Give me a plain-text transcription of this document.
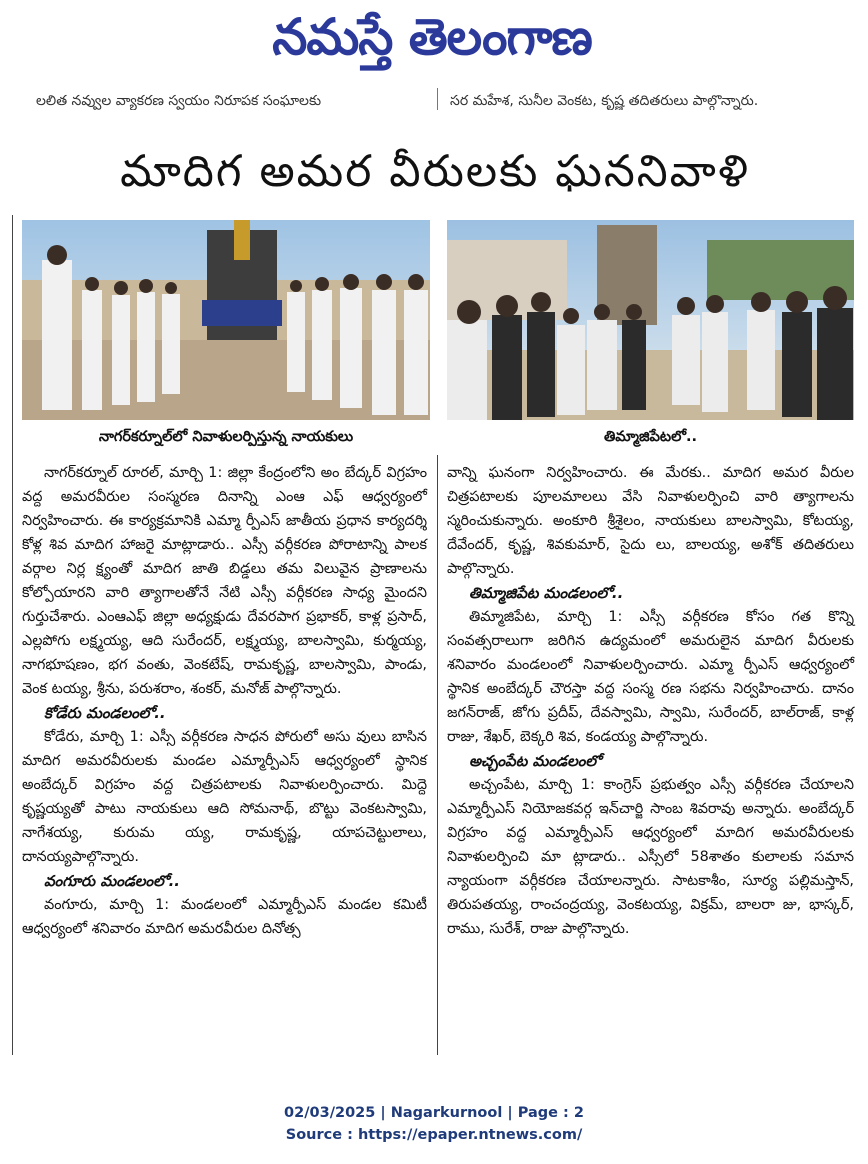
నమస్తే తెలంగాణ
లలిత నవ్వుల వ్యాకరణ స్వయం నిరూపక సంఘాలకు	సర మహేశ, సునీల వెంకట, కృష్ణ తదితరులు పాల్గొన్నారు.
మాదిగ అమర వీరులకు ఘననివాళి
నాగర్‌కర్నూల్‌లో నివాళులర్పిస్తున్న నాయకులు	తిమ్మాజిపేటలో..

నాగర్‌కర్నూల్ రూరల్, మార్చి 1: జిల్లా కేంద్రంలోని అం బేద్కర్ విగ్రహం వద్ద అమరవీరుల సంస్మరణ దినాన్ని ఎంఆ ఎఫ్ ఆధ్వర్యంలో నిర్వహించారు. ఈ కార్యక్రమానికి ఎమ్మా ర్పీఎస్ జాతీయ ప్రధాన కార్యదర్శి కోళ్ల శివ మాదిగ హాజరై మాట్లాడారు.. ఎస్సీ వర్గీకరణ పోరాటాన్ని పాలక వర్గాల నిర్ల క్ష్యంతో మాదిగ జాతి బిడ్డలు తమ విలువైన ప్రాణాలను కోల్పోయారని వారి త్యాగాలతోనే నేటి ఎస్సీ వర్గీకరణ సాధ్య మైందని గుర్తుచేశారు. ఎంఆఎఫ్ జిల్లా అధ్యక్షుడు దేవరపాగ ప్రభాకర్, కాళ్ల ప్రసాద్, ఎల్లపోగు లక్ష్మయ్య, ఆది సురేందర్, లక్ష్మయ్య, బాలస్వామి, కుర్మయ్య, నాగభూషణం, భగ వంతు, వెంకటేష్, రామకృష్ణ, బాలస్వామి, పాండు, వెంక టయ్య, శ్రీను, పరుశరాం, శంకర్, మనోజ్ పాల్గొన్నారు.

కోడేరు మండలంలో..

కోడేరు, మార్చి 1: ఎస్సీ వర్గీకరణ సాధన పోరులో అసు వులు బాసిన మాదిగ అమరవీరులకు మండల ఎమ్మార్పీఎస్ ఆధ్వర్యంలో స్థానిక అంబేద్కర్ విగ్రహం వద్ద చిత్రపటాలకు నివాళులర్పించారు. మిద్దె కృష్ణయ్యతో పాటు నాయకులు ఆది సోమనాథ్, బొట్టు వెంకటస్వామి, నాగేశయ్య, కురుమ య్య, రామకృష్ణ, యాపచెట్టులాలు, దానయ్యపాల్గొన్నారు.

వంగూరు మండలంలో..

వంగూరు, మార్చి 1: మండలంలో ఎమ్మార్పీఎస్ మండల కమిటీ ఆధ్వర్యంలో శనివారం మాదిగ అమరవీరుల దినోత్స

వాన్ని ఘనంగా నిర్వహించారు. ఈ మేరకు.. మాదిగ అమర వీరుల చిత్రపటాలకు పూలమాలలు వేసి నివాళులర్పించి వారి త్యాగాలను స్మరించుకున్నారు. అంకూరి శ్రీశైలం, నాయకులు బాలస్వామి, కోటయ్య, దేవేందర్, కృష్ణ, శివకుమార్, సైదు లు, బాలయ్య, అశోక్ తదితరులు పాల్గొన్నారు.

తిమ్మాజిపేట మండలంలో..

తిమ్మాజిపేట, మార్చి 1: ఎస్సీ వర్గీకరణ కోసం గత కొన్ని సంవత్సరాలుగా జరిగిన ఉద్యమంలో అమరులైన మాదిగ వీరులకు శనివారం మండలంలో నివాళులర్పించారు. ఎమ్మా ర్పీఎస్ ఆధ్వర్యంలో స్థానిక అంబేద్కర్ చౌరస్తా వద్ద సంస్మ రణ సభను నిర్వహించారు. దానం జగన్‌రాజ్, జోగు ప్రదీప్, దేవస్వామి, స్వామి, సురేందర్, బాల్‌రాజ్, కాళ్ల రాజు, శేఖర్, బెక్కరి శివ, కండయ్య పాల్గొన్నారు.

అచ్చంపేట మండలంలో

అచ్చంపేట, మార్చి 1: కాంగ్రెస్ ప్రభుత్వం ఎస్సీ వర్గీకరణ చేయాలని ఎమ్మార్పీఎస్ నియోజకవర్గ ఇన్‌చార్జి సాంబ శివరావు అన్నారు. అంబేద్కర్ విగ్రహం వద్ద ఎమ్మార్పీఎస్ ఆధ్వర్యంలో మాదిగ అమరవీరులకు నివాళులర్పించి మా ట్లాడారు.. ఎస్సీలో 58శాతం కులాలకు సమాన న్యాయంగా వర్గీకరణ చేయాలన్నారు. సాటకాశీం, సూర్య పల్లిమస్తాన్, తిరుపతయ్య, రాంచంద్రయ్య, వెంకటయ్య, విక్రమ్, బాలరా జు, భాస్కర్, రాము, సురేశ్, రాజు పాల్గొన్నారు.

02/03/2025 | Nagarkurnool | Page : 2
Source : https://epaper.ntnews.com/
